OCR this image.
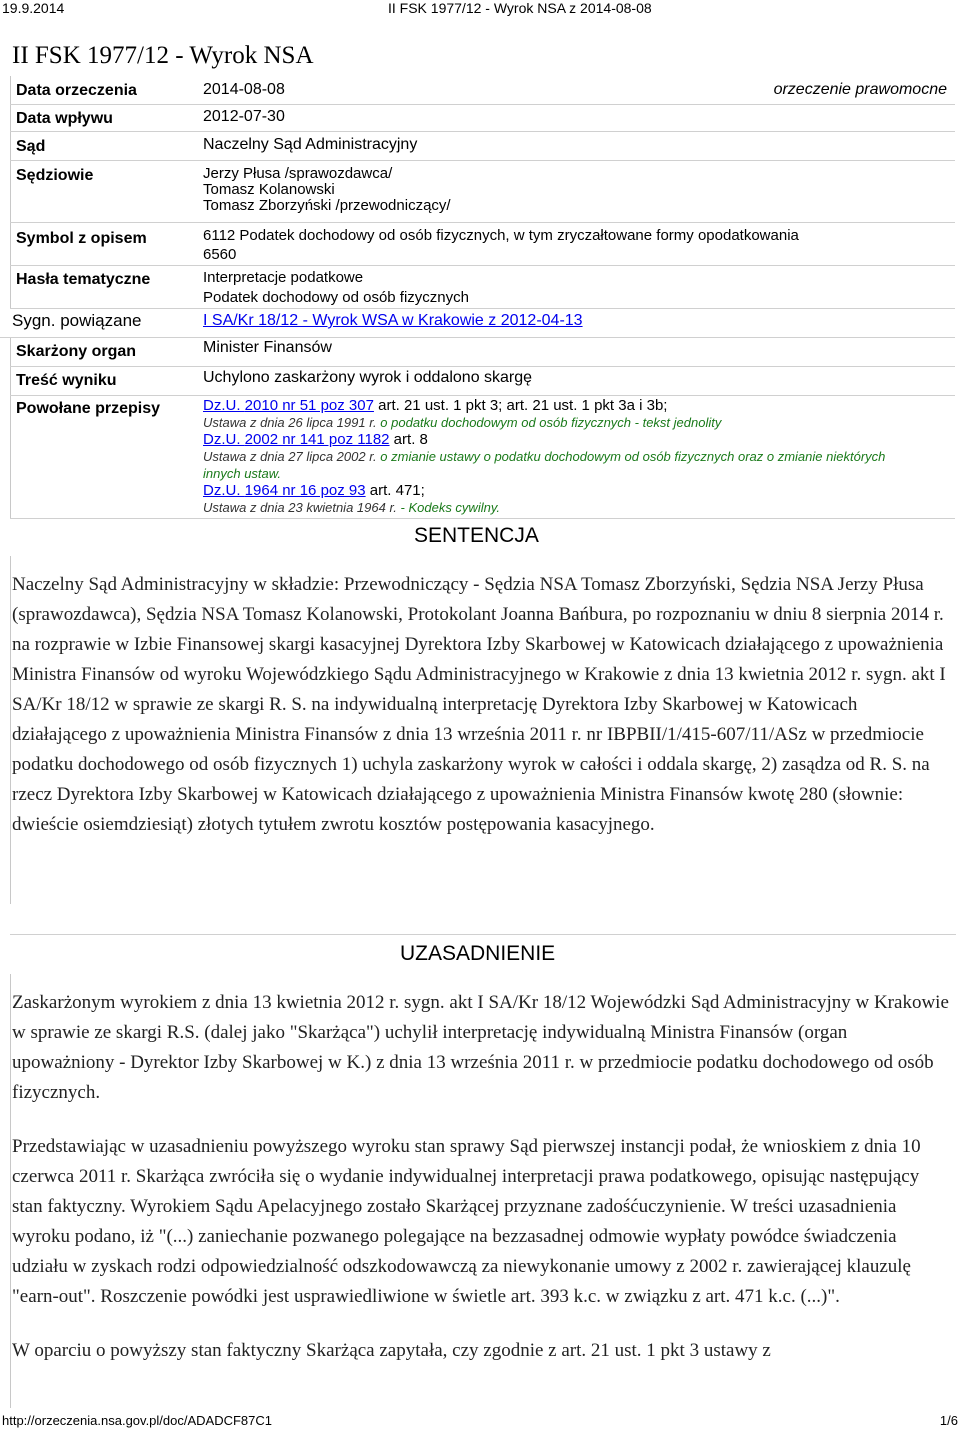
19.9.2014	II FSK 1977/12 - Wyrok NSA z 2014-08-08
II FSK 1977/12 - Wyrok NSA
Data orzeczenia	2014-08-08	orzeczenie prawomocne
Data wpływu	2012-07-30
Sąd	Naczelny Sąd Administracyjny
Sędziowie	Jerzy Płusa /sprawozdawca/
Tomasz Kolanowski
Tomasz Zborzyński /przewodniczący/
Symbol z opisem	6112 Podatek dochodowy od osób fizycznych, w tym zryczałtowane formy opodatkowania
6560
Hasła tematyczne	Interpretacje podatkowe
Podatek dochodowy od osób fizycznych
Sygn. powiązane	I SA/Kr 18/12 - Wyrok WSA w Krakowie z 2012-04-13
Skarżony organ	Minister Finansów
Treść wyniku	Uchylono zaskarżony wyrok i oddalono skargę
Powołane przepisy	Dz.U. 2010 nr 51 poz 307 art. 21 ust. 1 pkt 3; art. 21 ust. 1 pkt 3a i 3b;
Ustawa z dnia 26 lipca 1991 r. o podatku dochodowym od osób fizycznych - tekst jednolity
Dz.U. 2002 nr 141 poz 1182 art. 8
Ustawa z dnia 27 lipca 2002 r. o zmianie ustawy o podatku dochodowym od osób fizycznych oraz o zmianie niektórych
innych ustaw.
Dz.U. 1964 nr 16 poz 93 art. 471;
Ustawa z dnia 23 kwietnia 1964 r. - Kodeks cywilny.
SENTENCJA

Naczelny Sąd Administracyjny w składzie: Przewodniczący - Sędzia NSA Tomasz Zborzyński, Sędzia NSA Jerzy Płusa (sprawozdawca), Sędzia NSA Tomasz Kolanowski, Protokolant Joanna Bańbura, po rozpoznaniu w dniu 8 sierpnia 2014 r. na rozprawie w Izbie Finansowej skargi kasacyjnej Dyrektora Izby Skarbowej w Katowicach działającego z upoważnienia Ministra Finansów od wyroku Wojewódzkiego Sądu Administracyjnego w Krakowie z dnia 13 kwietnia 2012 r. sygn. akt I SA/Kr 18/12 w sprawie ze skargi R. S. na indywidualną interpretację Dyrektora Izby Skarbowej w Katowicach działającego z upoważnienia Ministra Finansów z dnia 13 września 2011 r. nr IBPBII/1/415-607/11/ASz w przedmiocie podatku dochodowego od osób fizycznych 1) uchyla zaskarżony wyrok w całości i oddala skargę, 2) zasądza od R. S. na rzecz Dyrektora Izby Skarbowej w Katowicach działającego z upoważnienia Ministra Finansów kwotę 280 (słownie: dwieście osiemdziesiąt) złotych tytułem zwrotu kosztów postępowania kasacyjnego.

UZASADNIENIE

Zaskarżonym wyrokiem z dnia 13 kwietnia 2012 r. sygn. akt I SA/Kr 18/12 Wojewódzki Sąd Administracyjny w Krakowie w sprawie ze skargi R.S. (dalej jako "Skarżąca") uchylił interpretację indywidualną Ministra Finansów (organ upoważniony - Dyrektor Izby Skarbowej w K.) z dnia 13 września 2011 r. w przedmiocie podatku dochodowego od osób fizycznych.

Przedstawiając w uzasadnieniu powyższego wyroku stan sprawy Sąd pierwszej instancji podał, że wnioskiem z dnia 10 czerwca 2011 r. Skarżąca zwróciła się o wydanie indywidualnej interpretacji prawa podatkowego, opisując następujący stan faktyczny. Wyrokiem Sądu Apelacyjnego zostało Skarżącej przyznane zadośćuczynienie. W treści uzasadnienia wyroku podano, iż "(...) zaniechanie pozwanego polegające na bezzasadnej odmowie wypłaty powódce świadczenia udziału w zyskach rodzi odpowiedzialność odszkodowawczą za niewykonanie umowy z 2002 r. zawierającej klauzulę "earn-out". Roszczenie powódki jest usprawiedliwione w świetle art. 393 k.c. w związku z art. 471 k.c. (...)".

W oparciu o powyższy stan faktyczny Skarżąca zapytała, czy zgodnie z art. 21 ust. 1 pkt 3 ustawy z

http://orzeczenia.nsa.gov.pl/doc/ADADCF87C1	1/6
